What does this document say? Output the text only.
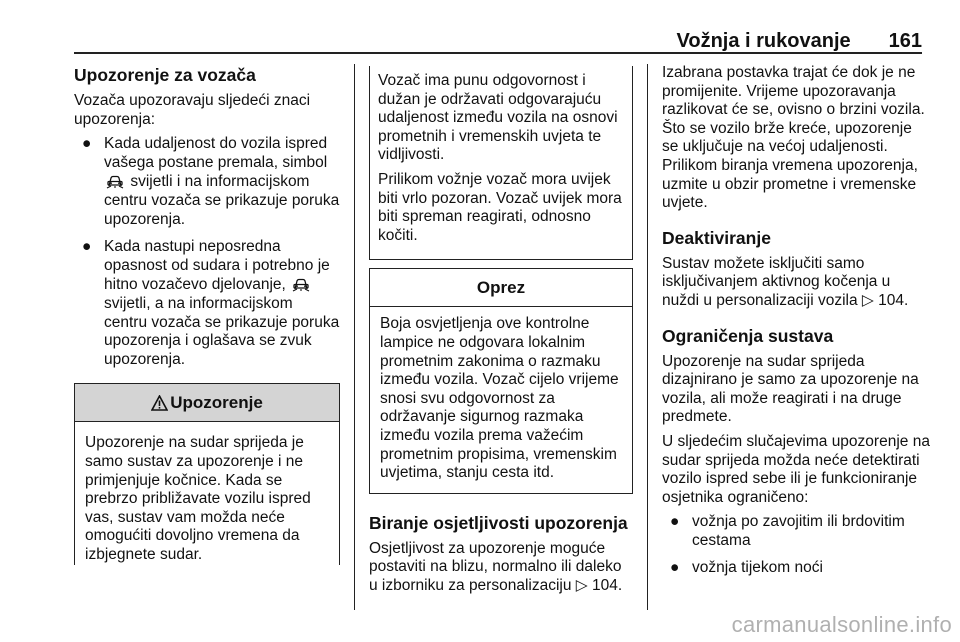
Vožnja i rukovanje 161
Upozorenje za vozača

Vozača upozoravaju sljedeći znaci upozorenja:

● Kada udaljenost do vozila ispred vašega postane premala, simbol  svijetli i na informacijskom centru vozača se prikazuje poruka upozorenja.
● Kada nastupi neposredna opasnost od sudara i potrebno je hitno vozačevo djelovanje,  svijetli, a na informacijskom centru vozača se prikazuje poruka upozorenja i oglašava se zvuk upozorenja.
Upozorenje
Upozorenje na sudar sprijeda je samo sustav za upozorenje i ne primjenjuje kočnice. Kada se prebrzo približavate vozilu ispred vas, sustav vam možda neće omogućiti dovoljno vremena da izbjegnete sudar.

Vozač ima punu odgovornost i dužan je održavati odgovarajuću udaljenost između vozila na osnovi prometnih i vremenskih uvjeta te vidljivosti.

Prilikom vožnje vozač mora uvijek biti vrlo pozoran. Vozač uvijek mora biti spreman reagirati, odnosno kočiti.

Oprez
Boja osvjetljenja ove kontrolne lampice ne odgovara lokalnim prometnim zakonima o razmaku između vozila. Vozač cijelo vrijeme snosi svu odgovornost za održavanje sigurnog razmaka između vozila prema važećim prometnim propisima, vremenskim uvjetima, stanju cesta itd.
Biranje osjetljivosti upozorenja

Osjetljivost za upozorenje moguće postaviti na blizu, normalno ili daleko u izborniku za personalizaciju ▷ 104.

Izabrana postavka trajat će dok je ne promijenite. Vrijeme upozoravanja razlikovat će se, ovisno o brzini vozila. Što se vozilo brže kreće, upozorenje se uključuje na većoj udaljenosti. Prilikom biranja vremena upozorenja, uzmite u obzir prometne i vremenske uvjete.

Deaktiviranje

Sustav možete isključiti samo isključivanjem aktivnog kočenja u nuždi u personalizaciji vozila ▷ 104.

Ograničenja sustava

Upozorenje na sudar sprijeda dizajnirano je samo za upozorenje na vozila, ali može reagirati i na druge predmete.

U sljedećim slučajevima upozorenje na sudar sprijeda možda neće detektirati vozilo ispred sebe ili je funkcioniranje osjetnika ograničeno:

● vožnja po zavojitim ili brdovitim cestama
● vožnja tijekom noći
carmanualsonline.info
